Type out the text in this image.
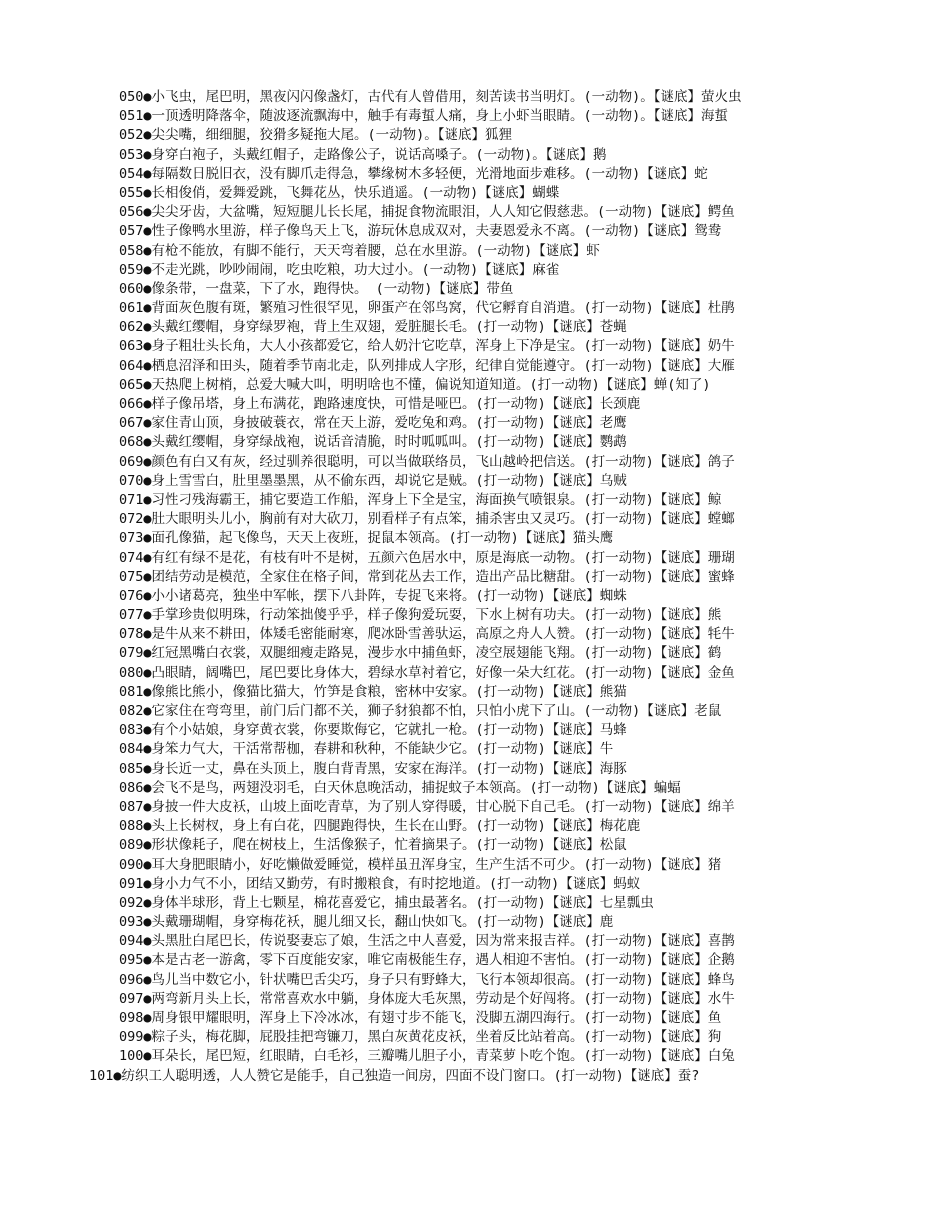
050●小飞虫，尾巴明，黑夜闪闪像盏灯，古代有人曾借用，刻苦读书当明灯。(一动物)。【谜底】萤火虫
051●一顶透明降落伞，随波逐流飘海中，触手有毒蜇人痛，身上小虾当眼睛。(一动物)。【谜底】海蜇
052●尖尖嘴，细细腿，狡猾多疑拖大尾。(一动物)。【谜底】狐狸
053●身穿白袍子，头戴红帽子，走路像公子，说话高嗓子。(一动物)。【谜底】鹅
054●每隔数日脱旧衣，没有脚爪走得急，攀缘树木多轻便，光滑地面步难移。(一动物)【谜底】蛇
055●长相俊俏，爱舞爱跳，飞舞花丛，快乐逍遥。(一动物)【谜底】蝴蝶
056●尖尖牙齿，大盆嘴，短短腿儿长长尾，捕捉食物流眼泪，人人知它假慈悲。(一动物)【谜底】鳄鱼
057●性子像鸭水里游，样子像鸟天上飞，游玩休息成双对，夫妻恩爱永不离。(一动物)【谜底】鸳鸯
058●有枪不能放，有脚不能行，天天弯着腰，总在水里游。(一动物)【谜底】虾
059●不走光跳，吵吵闹闹，吃虫吃粮，功大过小。(一动物)【谜底】麻雀
060●像条带，一盘菜，下了水，跑得快。 (一动物)【谜底】带鱼
061●背面灰色腹有斑，繁殖习性很罕见，卵蛋产在邻鸟窝，代它孵育自消遣。(打一动物)【谜底】杜鹃
062●头戴红缨帽，身穿绿罗袍，背上生双翅，爱脏腿长毛。(打一动物)【谜底】苍蝇
063●身子粗壮头长角，大人小孩都爱它，给人奶汁它吃草，浑身上下净是宝。(打一动物)【谜底】奶牛
064●栖息沼泽和田头，随着季节南北走，队列排成人字形，纪律自觉能遵守。(打一动物)【谜底】大雁
065●天热爬上树梢，总爱大喊大叫，明明啥也不懂，偏说知道知道。(打一动物)【谜底】蝉(知了)
066●样子像吊塔，身上布满花，跑路速度快，可惜是哑巴。(打一动物)【谜底】长颈鹿
067●家住青山顶，身披破蓑衣，常在天上游，爱吃兔和鸡。(打一动物)【谜底】老鹰
068●头戴红缨帽，身穿绿战袍，说话音清脆，时时呱呱叫。(打一动物)【谜底】鹦鹉
069●颜色有白又有灰，经过驯养很聪明，可以当做联络员，飞山越岭把信送。(打一动物)【谜底】鸽子
070●身上雪雪白，肚里墨墨黑，从不偷东西，却说它是贼。(打一动物)【谜底】乌贼
071●习性刁残海霸王，捕它要造工作船，浑身上下全是宝，海面换气喷银泉。(打一动物)【谜底】鲸
072●肚大眼明头儿小，胸前有对大砍刀，别看样子有点笨，捕杀害虫又灵巧。(打一动物)【谜底】螳螂
073●面孔像猫，起飞像鸟，天天上夜班，捉鼠本领高。(打一动物)【谜底】猫头鹰
074●有红有绿不是花，有枝有叶不是树，五颜六色居水中，原是海底一动物。(打一动物)【谜底】珊瑚
075●团结劳动是模范，全家住在格子间，常到花丛去工作，造出产品比糖甜。(打一动物)【谜底】蜜蜂
076●小小诸葛亮，独坐中军帐，摆下八卦阵，专捉飞来将。(打一动物)【谜底】蜘蛛
077●手掌珍贵似明珠，行动笨拙傻乎乎，样子像狗爱玩耍，下水上树有功夫。(打一动物)【谜底】熊
078●是牛从来不耕田，体矮毛密能耐寒，爬冰卧雪善驮运，高原之舟人人赞。(打一动物)【谜底】牦牛
079●红冠黑嘴白衣裳，双腿细瘦走路晃，漫步水中捕鱼虾，凌空展翅能飞翔。(打一动物)【谜底】鹤
080●凸眼睛，阔嘴巴，尾巴要比身体大，碧绿水草衬着它，好像一朵大红花。(打一动物)【谜底】金鱼
081●像熊比熊小，像猫比猫大，竹笋是食粮，密林中安家。(打一动物)【谜底】熊猫
082●它家住在弯弯里，前门后门都不关，狮子豺狼都不怕，只怕小虎下了山。(一动物)【谜底】老鼠
083●有个小姑娘，身穿黄衣裳，你要欺侮它，它就扎一枪。(打一动物)【谜底】马蜂
084●身笨力气大，干活常帮枷，春耕和秋种，不能缺少它。(打一动物)【谜底】牛
085●身长近一丈，鼻在头顶上，腹白背青黑，安家在海洋。(打一动物)【谜底】海豚
086●会飞不是鸟，两翅没羽毛，白天休息晚活动，捕捉蚊子本领高。(打一动物)【谜底】蝙蝠
087●身披一件大皮袄，山坡上面吃青草，为了别人穿得暖，甘心脱下自己毛。(打一动物)【谜底】绵羊
088●头上长树杈，身上有白花，四腿跑得快，生长在山野。(打一动物)【谜底】梅花鹿
089●形状像耗子，爬在树枝上，生活像猴子，忙着摘果子。(打一动物)【谜底】松鼠
090●耳大身肥眼睛小，好吃懒做爱睡觉，模样虽丑浑身宝，生产生活不可少。(打一动物)【谜底】猪
091●身小力气不小，团结又勤劳，有时搬粮食，有时挖地道。(打一动物)【谜底】蚂蚁
092●身体半球形，背上七颗星，棉花喜爱它，捕虫最著名。(打一动物)【谜底】七星瓢虫
093●头戴珊瑚帽，身穿梅花袄，腿儿细又长，翻山快如飞。(打一动物)【谜底】鹿
094●头黑肚白尾巴长，传说娶妻忘了娘，生活之中人喜爱，因为常来报吉祥。(打一动物)【谜底】喜鹊
095●本是古老一游禽，零下百度能安家，唯它南极能生存，遇人相迎不害怕。(打一动物)【谜底】企鹅
096●鸟儿当中数它小，针状嘴巴舌尖巧，身子只有野蜂大，飞行本领却很高。(打一动物)【谜底】蜂鸟
097●两弯新月头上长，常常喜欢水中躺，身体庞大毛灰黑，劳动是个好闯将。(打一动物)【谜底】水牛
098●周身银甲耀眼明，浑身上下冷冰冰，有翅寸步不能飞，没脚五湖四海行。(打一动物)【谜底】鱼
099●粽子头，梅花脚，屁股挂把弯镰刀，黑白灰黄花皮袄，坐着反比站着高。(打一动物)【谜底】狗
100●耳朵长，尾巴短，红眼睛，白毛衫，三瓣嘴儿胆子小，青菜萝卜吃个饱。(打一动物)【谜底】白兔
101●纺织工人聪明透，人人赞它是能手，自己独造一间房，四面不设门窗口。(打一动物)【谜底】蚕?
